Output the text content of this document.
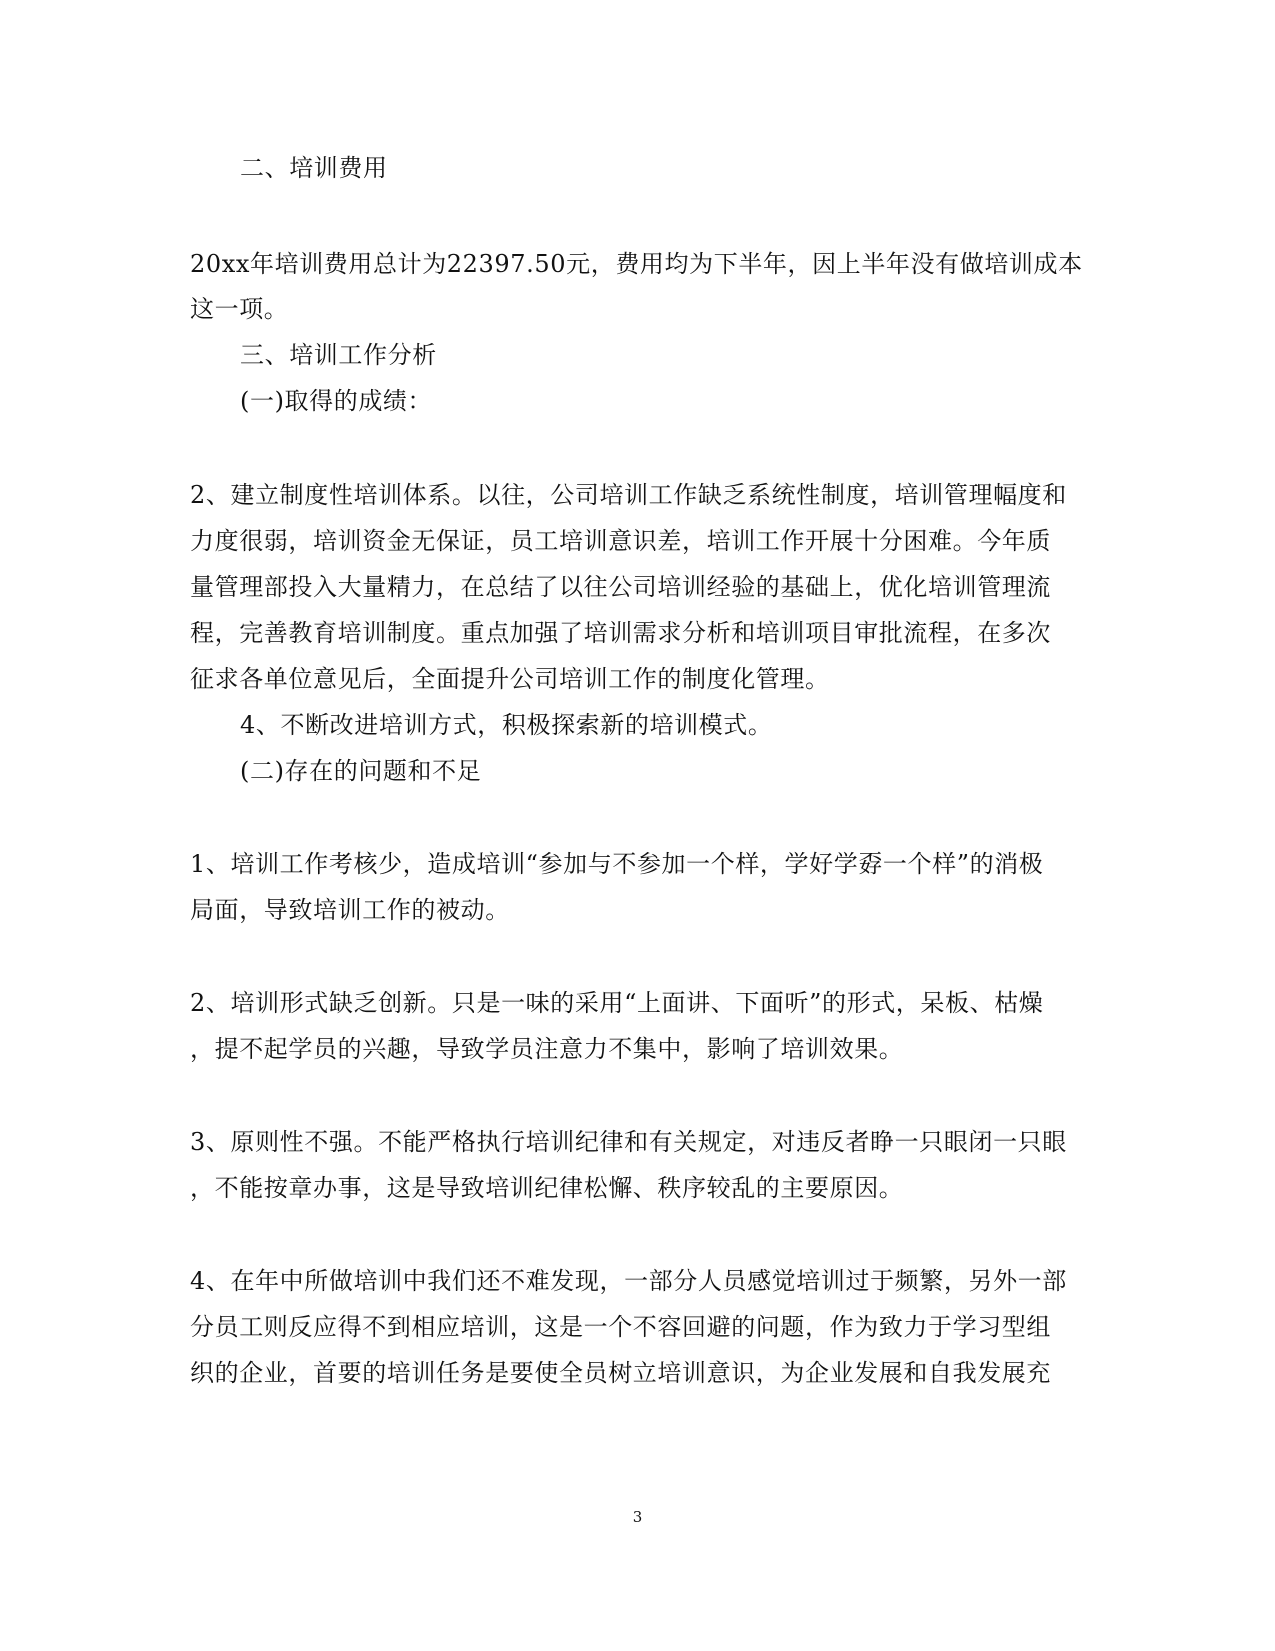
二、培训费用

20xx年培训费用总计为22397.50元，费用均为下半年，因上半年没有做培训成本

这一项。

三、培训工作分析

(一)取得的成绩：

2、建立制度性培训体系。以往，公司培训工作缺乏系统性制度，培训管理幅度和

力度很弱，培训资金无保证，员工培训意识差，培训工作开展十分困难。今年质

量管理部投入大量精力，在总结了以往公司培训经验的基础上，优化培训管理流

程，完善教育培训制度。重点加强了培训需求分析和培训项目审批流程，在多次

征求各单位意见后，全面提升公司培训工作的制度化管理。

4、不断改进培训方式，积极探索新的培训模式。

(二)存在的问题和不足

1、培训工作考核少，造成培训“参加与不参加一个样，学好学孬一个样”的消极

局面，导致培训工作的被动。

2、培训形式缺乏创新。只是一味的采用“上面讲、下面听”的形式，呆板、枯燥

，提不起学员的兴趣，导致学员注意力不集中，影响了培训效果。

3、原则性不强。不能严格执行培训纪律和有关规定，对违反者睁一只眼闭一只眼

，不能按章办事，这是导致培训纪律松懈、秩序较乱的主要原因。

4、在年中所做培训中我们还不难发现，一部分人员感觉培训过于频繁，另外一部

分员工则反应得不到相应培训，这是一个不容回避的问题，作为致力于学习型组

织的企业，首要的培训任务是要使全员树立培训意识，为企业发展和自我发展充

3
